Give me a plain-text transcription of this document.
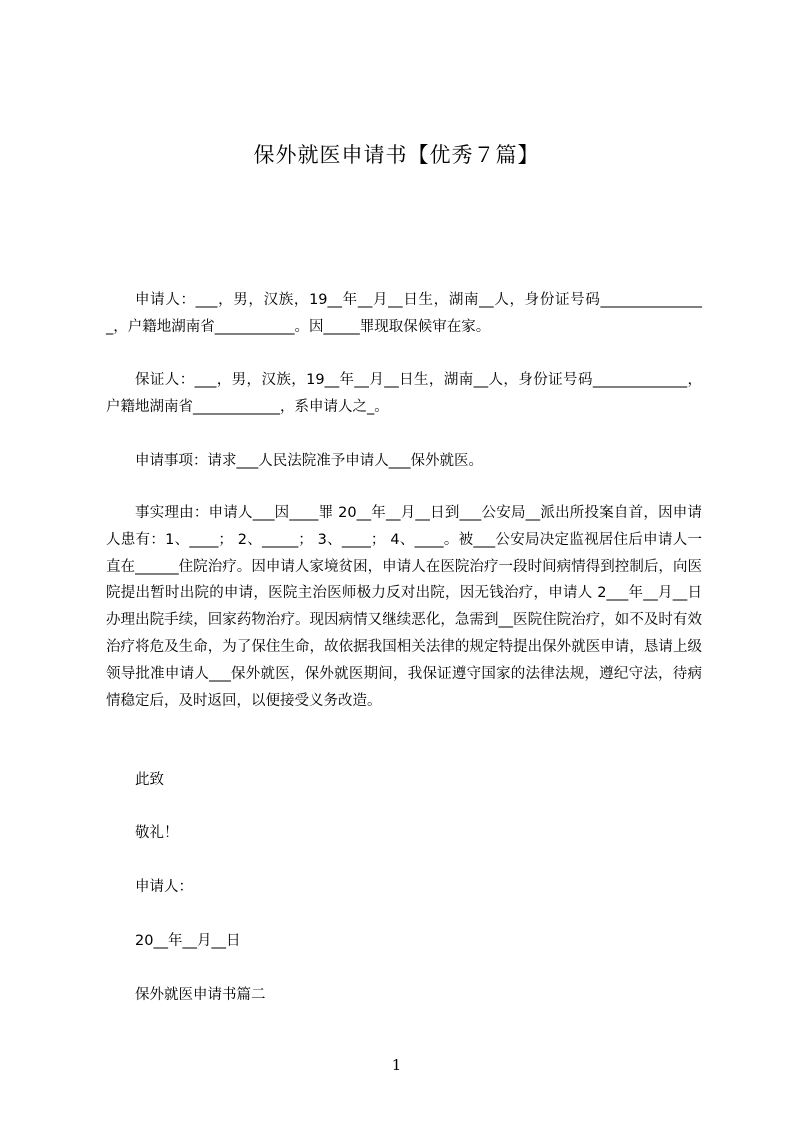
保外就医申请书【优秀７篇】

申请人：___，男，汉族，19__年__月__日生，湖南__人，身份证号码_______________，户籍地湖南省___________。因_____罪现取保候审在家。

保证人：___，男，汉族，19__年__月__日生，湖南__人，身份证号码_____________，户籍地湖南省____________，系申请人之_。

申请事项：请求___人民法院准予申请人___保外就医。

事实理由：申请人___因____罪 20__年__月__日到___公安局__派出所投案自首，因申请人患有：1、____； 2、_____； 3、____； 4、____。被___公安局决定监视居住后申请人一直在______住院治疗。因申请人家境贫困，申请人在医院治疗一段时间病情得到控制后，向医院提出暂时出院的申请，医院主治医师极力反对出院，因无钱治疗，申请人 2___年__月__日办理出院手续，回家药物治疗。现因病情又继续恶化，急需到__医院住院治疗，如不及时有效治疗将危及生命，为了保住生命，故依据我国相关法律的规定特提出保外就医申请，恳请上级领导批准申请人___保外就医，保外就医期间，我保证遵守国家的法律法规，遵纪守法，待病情稳定后，及时返回，以便接受义务改造。

此致

敬礼！

申请人：

20__年__月__日

保外就医申请书篇二

1
